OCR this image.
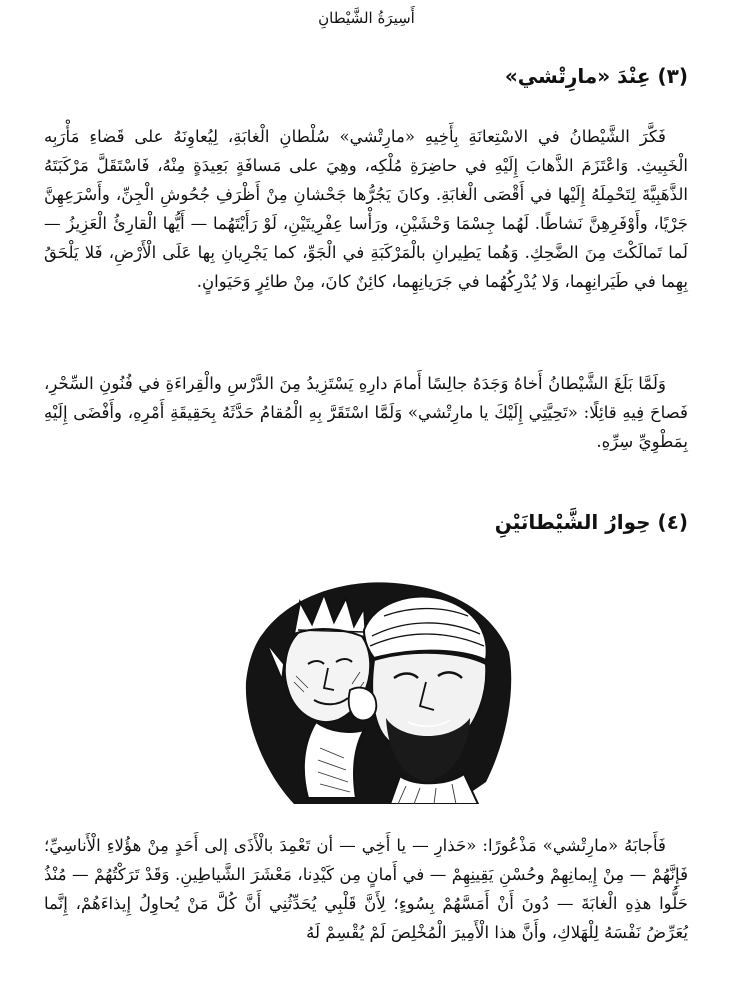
أَسِيرَةُ الشَّيْطانِ
(٣) عِنْدَ «مارِتْشي»

فَكَّرَ الشَّيْطانُ في الاسْتِعانَةِ بِأَخِيهِ «مارِتْشي» سُلْطانِ الْغابَةِ، لِيُعاوِنَهُ على قَضاءِ مَأْرَبِه الْخَبِيثِ. وَاعْتَزَمَ الذَّهابَ إِلَيْهِ في حاضِرَةِ مُلْكِه، وهِيَ على مَسافَةٍ بَعِيدَةٍ مِنْهُ، فَاسْتَقَلَّ مَرْكَبَتَهُ الذَّهَبِيَّةَ لِتَحْمِلَهُ إِلَيْها في أَقْصَى الْغابَةِ. وكانَ يَجُرُّها جَحْشانِ مِنْ أَظْرَفِ جُحُوشِ الْجِنِّ، وأَسْرَعِهِنَّ جَرْيًا، وأَوْفَرِهِنَّ نَشاطًا. لَهُما جِسْمَا وَحْشَيْنِ، ورَأْسا عِفْرِيتَيْنِ، لَوْ رَأَيْتَهُما — أَيُّها الْقارِئُ الْعَزِيزُ — لَما تَمالَكْتَ مِنَ الضَّحِكِ. وَهُما يَطِيرانِ بالْمَرْكَبَةِ في الْجَوِّ، كما يَجْرِيانِ بِها عَلَى الْأَرْضِ، فَلا يَلْحَقُ بِهِما في طَيَرانِهِما، وَلا يُدْرِكُهُما في جَرَيانِهِما، كائِنٌ كانَ، مِنْ طائِرٍ وَحَيَوانٍ.

وَلَمَّا بَلَغَ الشَّيْطانُ أَخاهُ وَجَدَهُ جالِسًا أَمامَ دارِهِ يَسْتَزِيدُ مِنَ الدَّرْسِ والْقِراءَةِ في فُنُونِ السِّحْرِ، فَصاحَ فِيهِ قائِلًا: «تَحِيَّتِي إِلَيْكَ يا مارِتْشي» وَلَمَّا اسْتَقَرَّ بِهِ الْمُقامُ حَدَّثَهُ بِحَقِيقَةِ أَمْرِهِ، وأَفْضَى إِلَيْهِ بِمَطْوِيِّ سِرِّهِ.

(٤) حِوارُ الشَّيْطانَيْنِ

فَأَجابَهُ «مارِتْشي» مَذْعُورًا: «حَذارِ — يا أَخِي — أن تَعْمِدَ بالْأَذَى إلى أَحَدٍ مِنْ هؤُلاءِ الْأَناسِيِّ؛ فَإِنَّهُمْ — مِنْ إِيمانِهِمْ وحُسْنِ يَقِينِهِمْ — في أَمانٍ مِن كَيْدِنا، مَعْشَرَ الشَّياطِينِ. وَقَدْ تَرَكْتُهُمْ — مُنْذُ حَلُّوا هذِهِ الْغابَةَ — دُونَ أَنْ أَمَسَّهُمْ بِسُوءٍ؛ لِأَنَّ قَلْبِي يُحَدِّثُنِي أَنَّ كُلَّ مَنْ يُحاوِلُ إِيذاءَهُمْ، إِنَّما يُعَرِّضُ نَفْسَهُ لِلْهَلاكِ، وأَنَّ هذا الْأَمِيرَ الْمُخْلِصَ لَمْ يُقْسِمْ لَهُ
